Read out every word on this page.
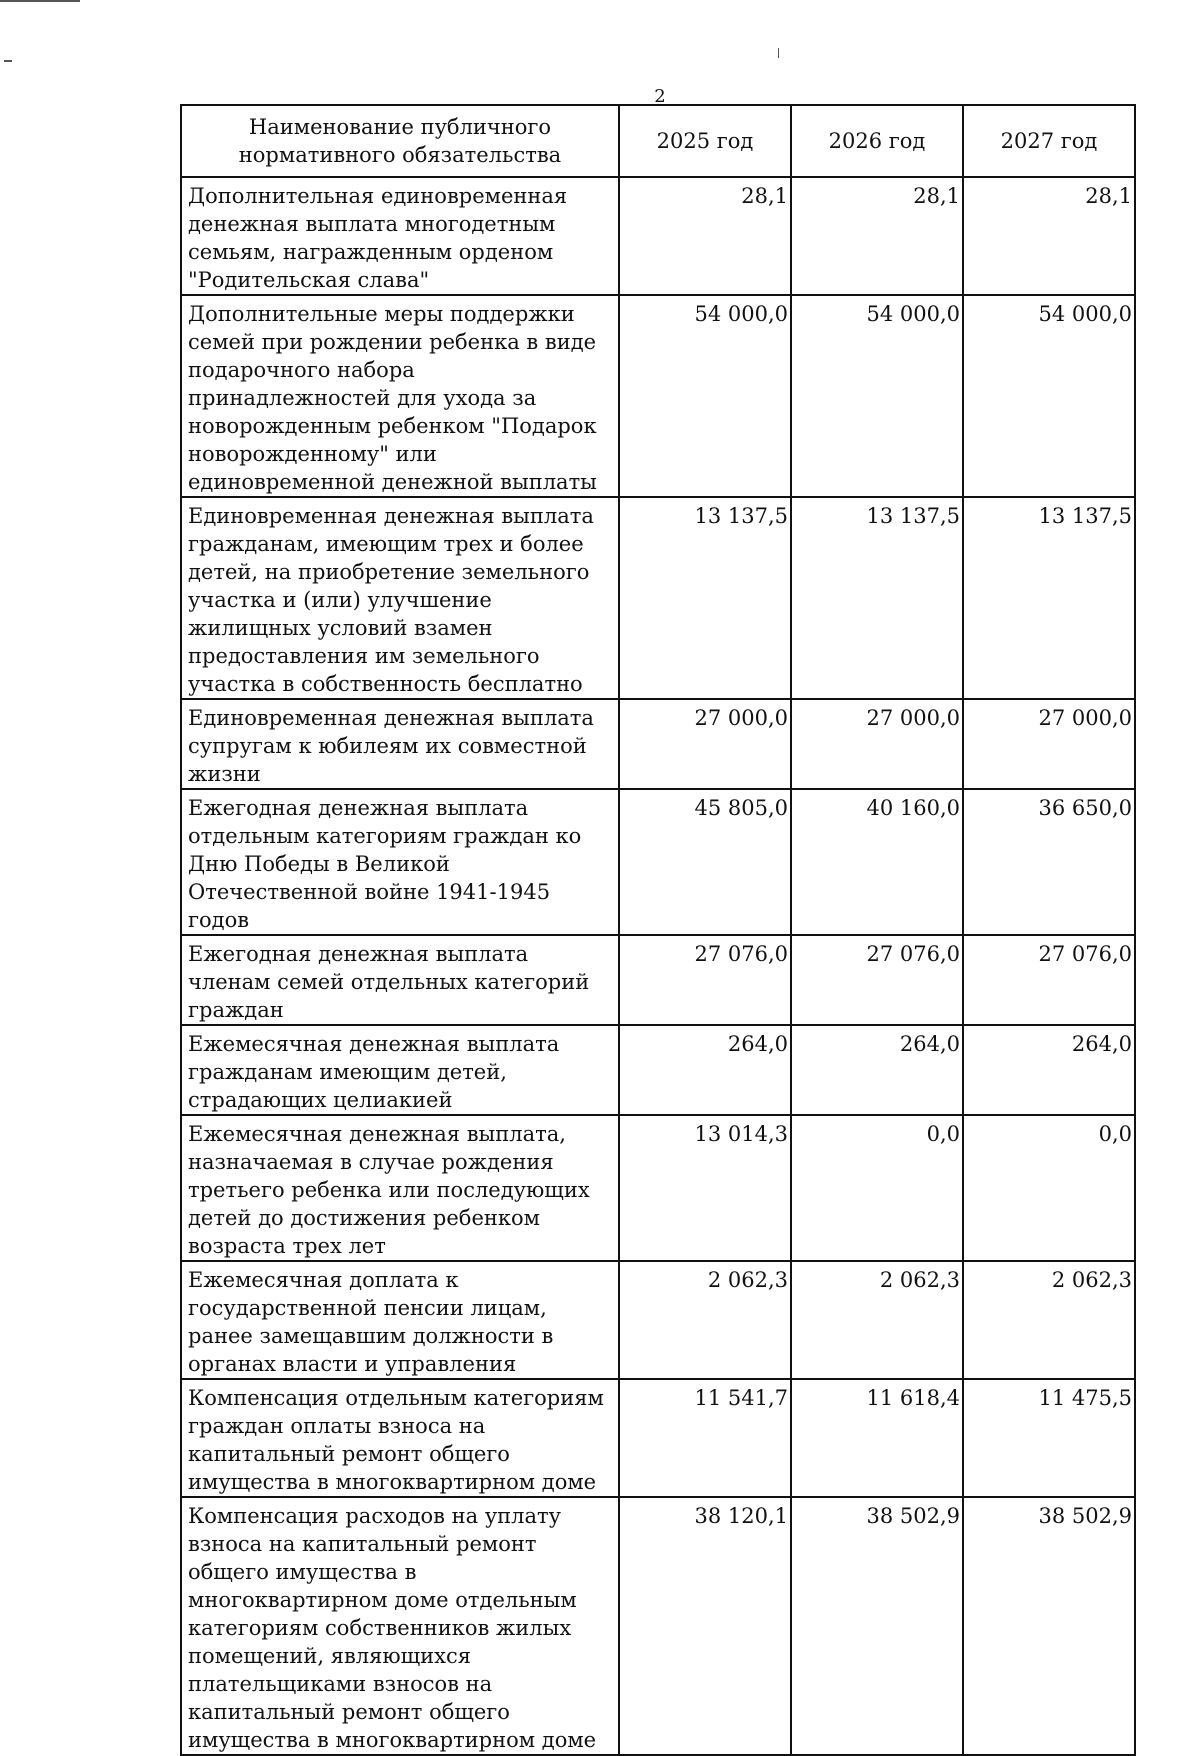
2
Наименование публичного нормативного обязательства	2025 год	2026 год	2027 год
Дополнительная единовременная денежная выплата многодетным семьям, награжденным орденом "Родительская слава"	28,1	28,1	28,1
Дополнительные меры поддержки семей при рождении ребенка в виде подарочного набора принадлежностей для ухода за новорожденным ребенком "Подарок новорожденному" или единовременной денежной выплаты	54 000,0	54 000,0	54 000,0
Единовременная денежная выплата гражданам, имеющим трех и более детей, на приобретение земельного участка и (или) улучшение жилищных условий взамен предоставления им земельного участка в собственность бесплатно	13 137,5	13 137,5	13 137,5
Единовременная денежная выплата супругам к юбилеям их совместной жизни	27 000,0	27 000,0	27 000,0
Ежегодная денежная выплата отдельным категориям граждан ко Дню Победы в Великой Отечественной войне 1941-1945 годов	45 805,0	40 160,0	36 650,0
Ежегодная денежная выплата членам семей отдельных категорий граждан	27 076,0	27 076,0	27 076,0
Ежемесячная денежная выплата гражданам имеющим детей, страдающих целиакией	264,0	264,0	264,0
Ежемесячная денежная выплата, назначаемая в случае рождения третьего ребенка или последующих детей до достижения ребенком возраста трех лет	13 014,3	0,0	0,0
Ежемесячная доплата к государственной пенсии лицам, ранее замещавшим должности в органах власти и управления	2 062,3	2 062,3	2 062,3
Компенсация отдельным категориям граждан оплаты взноса на капитальный ремонт общего имущества в многоквартирном доме	11 541,7	11 618,4	11 475,5
Компенсация расходов на уплату взноса на капитальный ремонт общего имущества в многоквартирном доме отдельным категориям собственников жилых помещений, являющихся плательщиками взносов на капитальный ремонт общего имущества в многоквартирном доме	38 120,1	38 502,9	38 502,9
